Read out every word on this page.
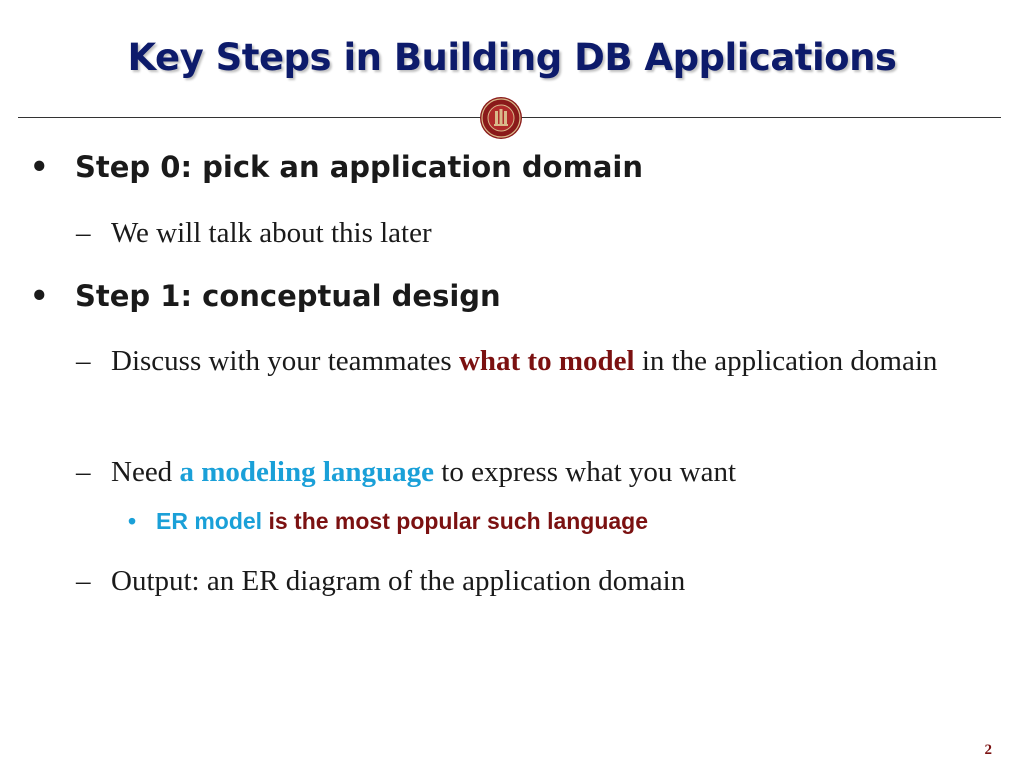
Key Steps in Building DB Applications
• Step 0: pick an application domain
– We will talk about this later
• Step 1: conceptual design
– Discuss with your teammates what to model in the application domain
– Need a modeling language to express what you want
• ER model is the most popular such language
– Output: an ER diagram of the application domain
2
